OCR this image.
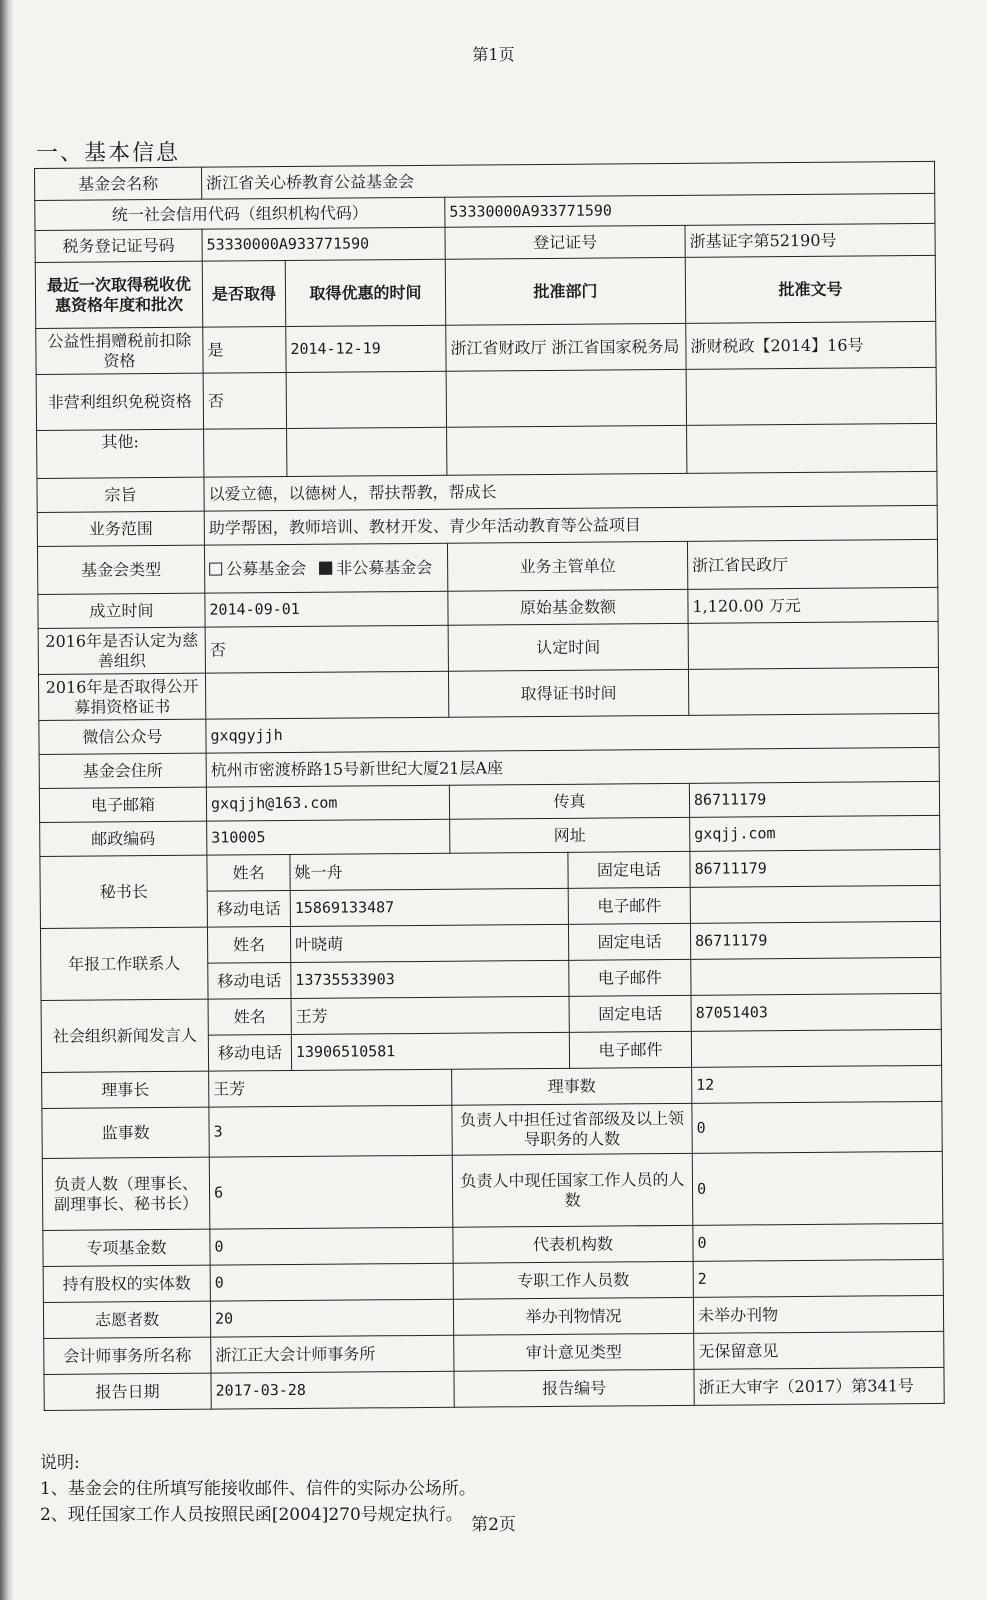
第1页
一、基本信息
基金会名称	浙江省关心桥教育公益基金会				
统一社会信用代码（组织机构代码）			53330000A933771590		
税务登记证号码	53330000A933771590		登记证号		浙基证字第52190号
最近一次取得税收优惠资格年度和批次	是否取得	取得优惠的时间	批准部门		批准文号
公益性捐赠税前扣除资格	是	2014-12-19	浙江省财政厅 浙江省国家税务局		浙财税政【2014】16号
非营利组织免税资格	否				
其他:					
宗旨	以爱立德，以德树人，帮扶帮教，帮成长				
业务范围	助学帮困，教师培训、教材开发、青少年活动教育等公益项目				
基金会类型	公募基金会 非公募基金会		业务主管单位		浙江省民政厅
成立时间	2014-09-01		原始基金数额		1,120.00 万元
2016年是否认定为慈善组织	否		认定时间		
2016年是否取得公开募捐资格证书			取得证书时间		
微信公众号	gxqgyjjh				
基金会住所	杭州市密渡桥路15号新世纪大厦21层A座				
电子邮箱	gxqjjh@163.com		传真		86711179
邮政编码	310005		网址		gxqjj.com
秘书长	姓名	姚一舟		固定电话	86711179
	移动电话	15869133487		电子邮件	
年报工作联系人	姓名	叶晓萌		固定电话	86711179
	移动电话	13735533903		电子邮件	
社会组织新闻发言人	姓名	王芳		固定电话	87051403
	移动电话	13906510581		电子邮件	
理事长	王芳		理事数		12
监事数	3		负责人中担任过省部级及以上领导职务的人数		0
负责人数（理事长、副理事长、秘书长）	6		负责人中现任国家工作人员的人数		0
专项基金数	0		代表机构数		0
持有股权的实体数	0		专职工作人员数		2
志愿者数	20		举办刊物情况		未举办刊物
会计师事务所名称	浙江正大会计师事务所		审计意见类型		无保留意见
报告日期	2017-03-28		报告编号		浙正大审字（2017）第341号
说明:
1、基金会的住所填写能接收邮件、信件的实际办公场所。
2、现任国家工作人员按照民函[2004]270号规定执行。 第2页
